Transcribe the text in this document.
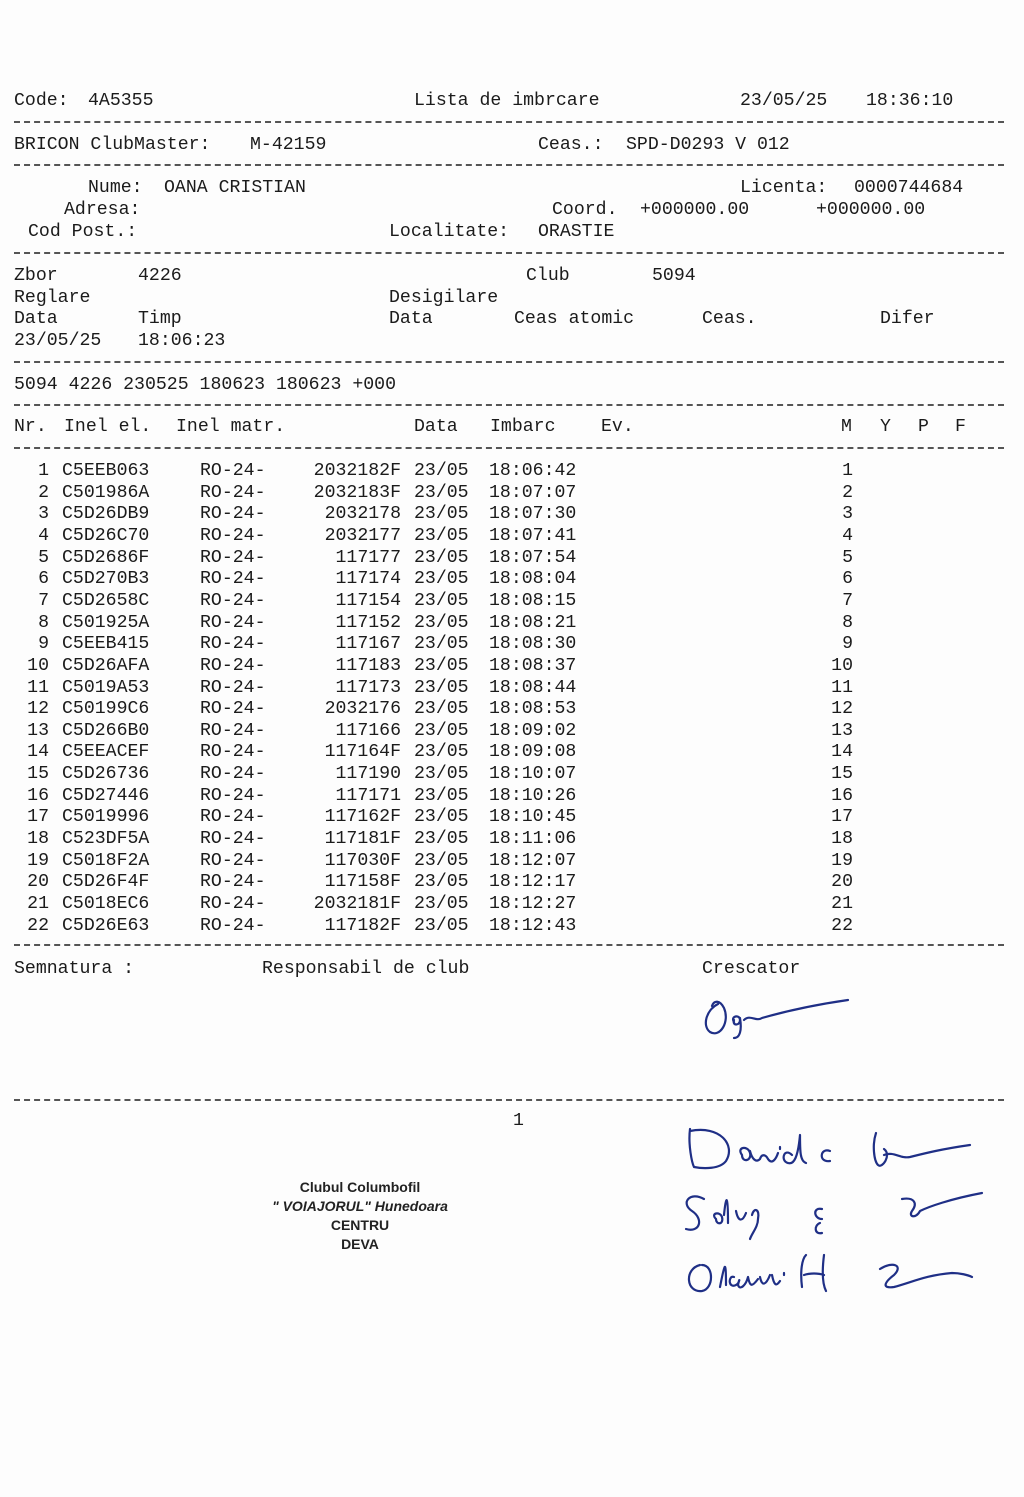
Code: 4A5355	Lista de imbrcare	23/05/25 18:36:10
BRICON ClubMaster: M-42159	Ceas.: SPD-D0293 V 012
Nume: OANA CRISTIAN	Licenta: 0000744684
Adresa:	Coord. +000000.00	+000000.00
Cod Post.:	Localitate: ORASTIE
Zbor	4226	Club	5094
Reglare	Desigilare
Data	Timp	Data	Ceas atomic	Ceas.	Difer
23/05/25 18:06:23
5094 4226 230525 180623 180623 +000
Nr. Inel el. Inel matr.	Data Imbarc	Ev.	M Y P F
1 C5EEB063	RO-24-	2032182F 23/05 18:06:42	1
2 C501986A	RO-24-	2032183F 23/05 18:07:07	2
3 C5D26DB9	RO-24-	2032178 23/05 18:07:30	3
4 C5D26C70	RO-24-	2032177 23/05 18:07:41	4
5 C5D2686F	RO-24-	117177 23/05 18:07:54	5
6 C5D270B3	RO-24-	117174 23/05 18:08:04	6
7 C5D2658C	RO-24-	117154 23/05 18:08:15	7
8 C501925A	RO-24-	117152 23/05 18:08:21	8
9 C5EEB415	RO-24-	117167 23/05 18:08:30	9
10 C5D26AFA	RO-24-	117183 23/05 18:08:37	10
11 C5019A53	RO-24-	117173 23/05 18:08:44	11
12 C50199C6	RO-24-	2032176 23/05 18:08:53	12
13 C5D266B0	RO-24-	117166 23/05 18:09:02	13
14 C5EEACEF	RO-24-	117164F 23/05 18:09:08	14
15 C5D26736	RO-24-	117190 23/05 18:10:07	15
16 C5D27446	RO-24-	117171 23/05 18:10:26	16
17 C5019996	RO-24-	117162F 23/05 18:10:45	17
18 C523DF5A	RO-24-	117181F 23/05 18:11:06	18
19 C5018F2A	RO-24-	117030F 23/05 18:12:07	19
20 C5D26F4F	RO-24-	117158F 23/05 18:12:17	20
21 C5018EC6	RO-24-	2032181F 23/05 18:12:27	21
22 C5D26E63	RO-24-	117182F 23/05 18:12:43	22
Semnatura :	Responsabil de club	Crescator
1
Clubul Columbofil
" VOIAJORUL" Hunedoara
CENTRU
DEVA
